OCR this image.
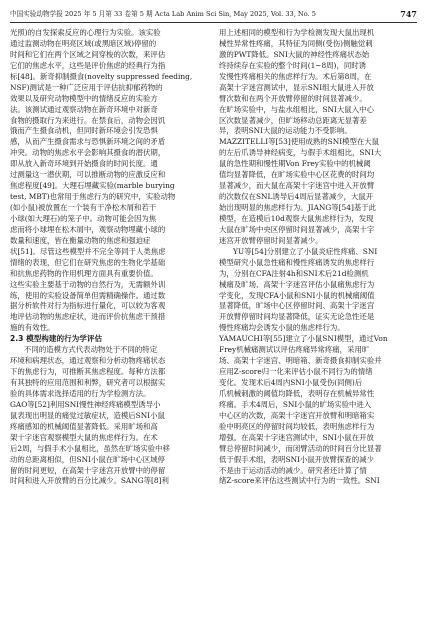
中国实验动物学报 2025 年 5 月第 33 卷第 5 期 Acta Lab Anim Sci Sin, May 2025, Vol. 33, No. 5	747
光照)的自发探索反应的心理行为实验。该实验
通过监测动物在明亮区域(或黑暗区域)停留的
时间和它们在两个区域之间穿梭的次数，来评估
它们的焦虑水平，这些是评价焦虑的经典行为指
标[48]。新奇抑制摄食(novelty suppressed feeding,
NSF)测试是一种广泛应用于评估抗抑郁药物的
效果以及研究动物模型中的情绪反应的实验方
法。该测试通过观察动物在新奇环境中对新奇
食物的摄取行为来进行。在禁食后，动物会因饥
饿而产生摄食动机，但同时新环境会引发恐惧
感，从而产生摄食需求与恐惧新环境之间的矛盾
冲突。动物的焦虑水平会影响其摄食的潜伏期，
即从放入新奇环境到开始摄食的时间长度。通
过测量这一潜伏期，可以推断动物的应激反应和
焦虑程度[49]。大理石埋藏实验(marble burying
test, MBT)也常用于焦虑行为的研究中，实验动物
(如小鼠)被放置在一个装有干净松木屑和若干
小球(如大理石)的笼子中。动物可能会因为焦
虑而将小球埋在松木屑中，观察动物埋藏小球的
数量和速度，皆在衡量动物的焦虑和强迫症
状[51]。尽管这些模型并不完全等同于人类焦虑
情绪的表现，但它们在研究焦虑的生物化学基础
和抗焦虑药物的作用机理方面具有重要价值。
这些实验主要基于动物的自然行为，无需额外训
练，使用的实验设备简单但需精确操作。通过数
据分析软件对行为指标进行量化，可以较为客观
地评估动物的焦虑症状，进而评价抗焦虑干预措
施的有效性。
2.3 模型构建的行为学评估
不同的造模方式代表动物处于不同的特定
环境和病理状态，通过观察和分析动物疼痛状态
下的焦虑行为，可推断其焦虑程度。每种方法都
有其独特的应用范围和利弊，研究者可以根据实
验的具体需求选择适用的行为学检测方法。
GAO等[52]利用SNI慢性神经疼痛模型诱导小
鼠表现出明显的痛觉过敏症状，造模后SNI小鼠
疼痛感知的机械阈值显著降低。采用旷场和高
架十字迷宫观察模型大鼠的焦虑样行为。在术
后2周，与假手术小鼠相比，虽然在旷场实验中移
动的总距离相似，但SNI小鼠在旷场中心区域停
留的时间更短，在高架十字迷宫开放臂中的停留
时间和进入开放臂的百分比减少。SANG等[8]利
用上述相同的模型和行为学检测发现大鼠出现机
械性异常性疼痛，其特征为同侧(受伤)侧触觉刺
激的PWT降低。SNI大鼠的神经性疼痛状态始
终持续存在实验的整个时间(1~8周)，同时诱
发慢性疼痛相关的焦虑样行为。术后第8周，在
高架十字迷宫测试中，显示SNI组大鼠进入开放
臂次数和在两个开放臂停留的时间显著减少。
在旷场实验中，与盐水组相比，SNI大鼠入中心
区次数显著减少，但旷场移动总距离无显著差
异，表明SNI大鼠的运动能力不受影响。
MAZZITELLI等[53]使用成熟的SNI模型在大鼠
的左后爪诱导神经病变，与假手术组相比，SNI大
鼠的急性期和慢性期Von Frey实验中的机械阈
值均显著降低，在旷场实验中心区花费的时间均
显著减少，而大鼠在高架十字迷宫中进入开放臂
的次数仅在SNL诱导后4周后显著减少，大鼠开
始出现明显的焦虑样行为。JIANG等[54]基于此
模型，在造模后10d观察大鼠焦虑样行为，发现
大鼠在旷场中央区停留时间显著减少，高架十字
迷宫开放臂停留时间显著减少。
YU等[54]分别建立了小鼠炎症性疼痛、SNI
模型研究小鼠急性痛和慢性疼痛诱发的焦虑样行
为，分别在CFA注射4h和SNI术后21d检测机
械痛及旷场、高架十字迷宫评估小鼠痛焦虑行为
学变化，发现CFA小鼠和SNI小鼠的机械痛阈值
显著降低，旷场中心区停留时间、高架十字迷宫
开放臂停留时间均显著降低，证实无论急性还是
慢性疼痛均会诱发小鼠的焦虑样行为。
YAMAUCHI等[55]建立了小鼠SNI模型，通过Von
Frey机械痛测试以评估疼痛异常疼痛，采用旷
场、高架十字迷宫、明暗箱、新奇摄食抑制实验并
应用Z-score归一化来评估小鼠不同行为的情绪
变化。发现术后4周内SNI小鼠受伤(同侧)后
爪机械刺激的阈值均降低，表明存在机械异常性
疼痛。手术4周后，SNI小鼠的旷场实验中进入
中心区的次数，高架十字迷宫开放臂和明暗箱实
验中明亮区的停留时间均较低，表明焦虑样行为
增强。在高架十字迷宫测试中，SNI小鼠在开放
臂总停留时间减少，而闭臂活动的时间百分比显著
低于假手术组，表明SNI小鼠开放臂探查的减少
不是由于运动活动的减少。研究者还计算了情
绪Z-score来评估这些测试中行为的一致性。SNI
